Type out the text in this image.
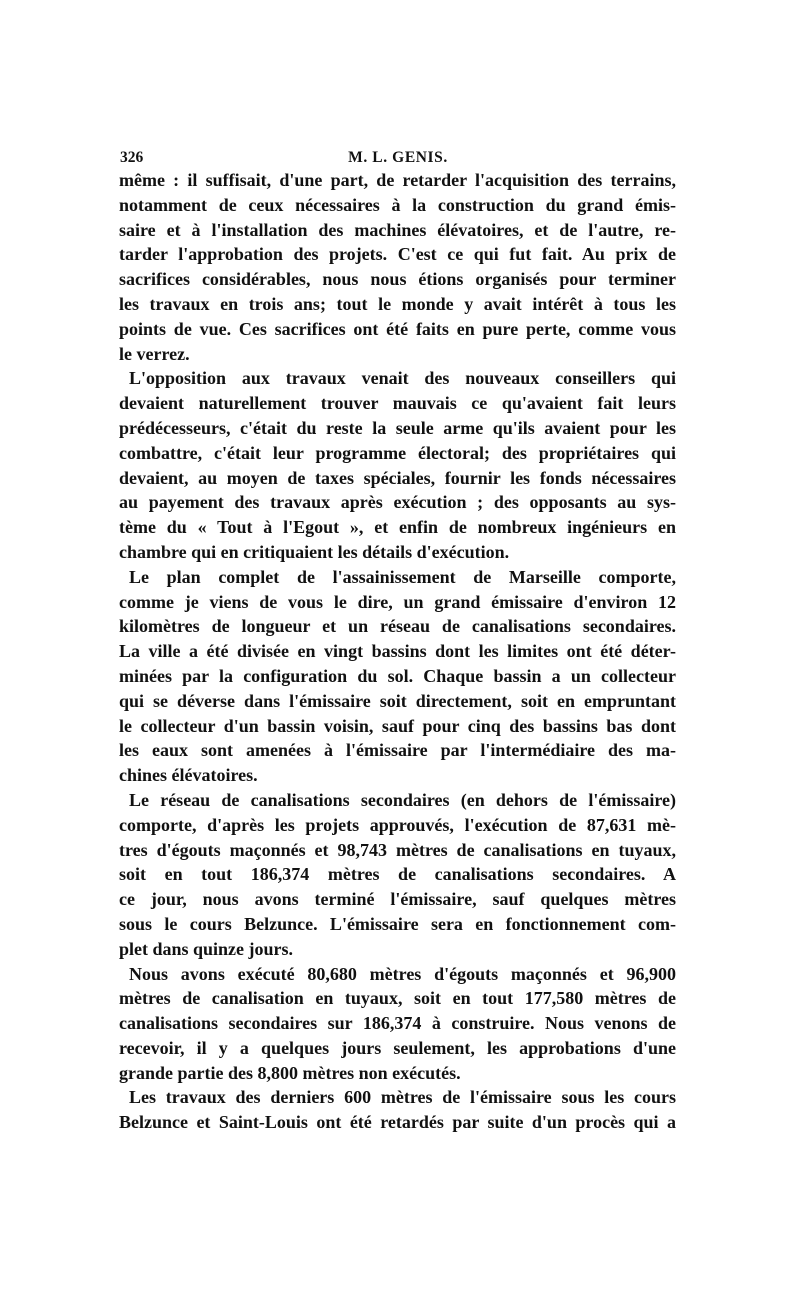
326	M. L. GENIS.

même : il suffisait, d'une part, de retarder l'acquisition des terrains,
notamment de ceux nécessaires à la construction du grand émis-
saire et à l'installation des machines élévatoires, et de l'autre, re-
tarder l'approbation des projets. C'est ce qui fut fait. Au prix de
sacrifices considérables, nous nous étions organisés pour terminer
les travaux en trois ans; tout le monde y avait intérêt à tous les
points de vue. Ces sacrifices ont été faits en pure perte, comme vous
le verrez.

L'opposition aux travaux venait des nouveaux conseillers qui
devaient naturellement trouver mauvais ce qu'avaient fait leurs
prédécesseurs, c'était du reste la seule arme qu'ils avaient pour les
combattre, c'était leur programme électoral; des propriétaires qui
devaient, au moyen de taxes spéciales, fournir les fonds nécessaires
au payement des travaux après exécution ; des opposants au sys-
tème du « Tout à l'Egout », et enfin de nombreux ingénieurs en
chambre qui en critiquaient les détails d'exécution.

Le plan complet de l'assainissement de Marseille comporte,
comme je viens de vous le dire, un grand émissaire d'environ 12
kilomètres de longueur et un réseau de canalisations secondaires.
La ville a été divisée en vingt bassins dont les limites ont été déter-
minées par la configuration du sol. Chaque bassin a un collecteur
qui se déverse dans l'émissaire soit directement, soit en empruntant
le collecteur d'un bassin voisin, sauf pour cinq des bassins bas dont
les eaux sont amenées à l'émissaire par l'intermédiaire des ma-
chines élévatoires.

Le réseau de canalisations secondaires (en dehors de l'émissaire)
comporte, d'après les projets approuvés, l'exécution de 87,631 mè-
tres d'égouts maçonnés et 98,743 mètres de canalisations en tuyaux,
soit en tout 186,374 mètres de canalisations secondaires. A
ce jour, nous avons terminé l'émissaire, sauf quelques mètres
sous le cours Belzunce. L'émissaire sera en fonctionnement com-
plet dans quinze jours.

Nous avons exécuté 80,680 mètres d'égouts maçonnés et 96,900
mètres de canalisation en tuyaux, soit en tout 177,580 mètres de
canalisations secondaires sur 186,374 à construire. Nous venons de
recevoir, il y a quelques jours seulement, les approbations d'une
grande partie des 8,800 mètres non exécutés.

Les travaux des derniers 600 mètres de l'émissaire sous les cours
Belzunce et Saint-Louis ont été retardés par suite d'un procès qui a
